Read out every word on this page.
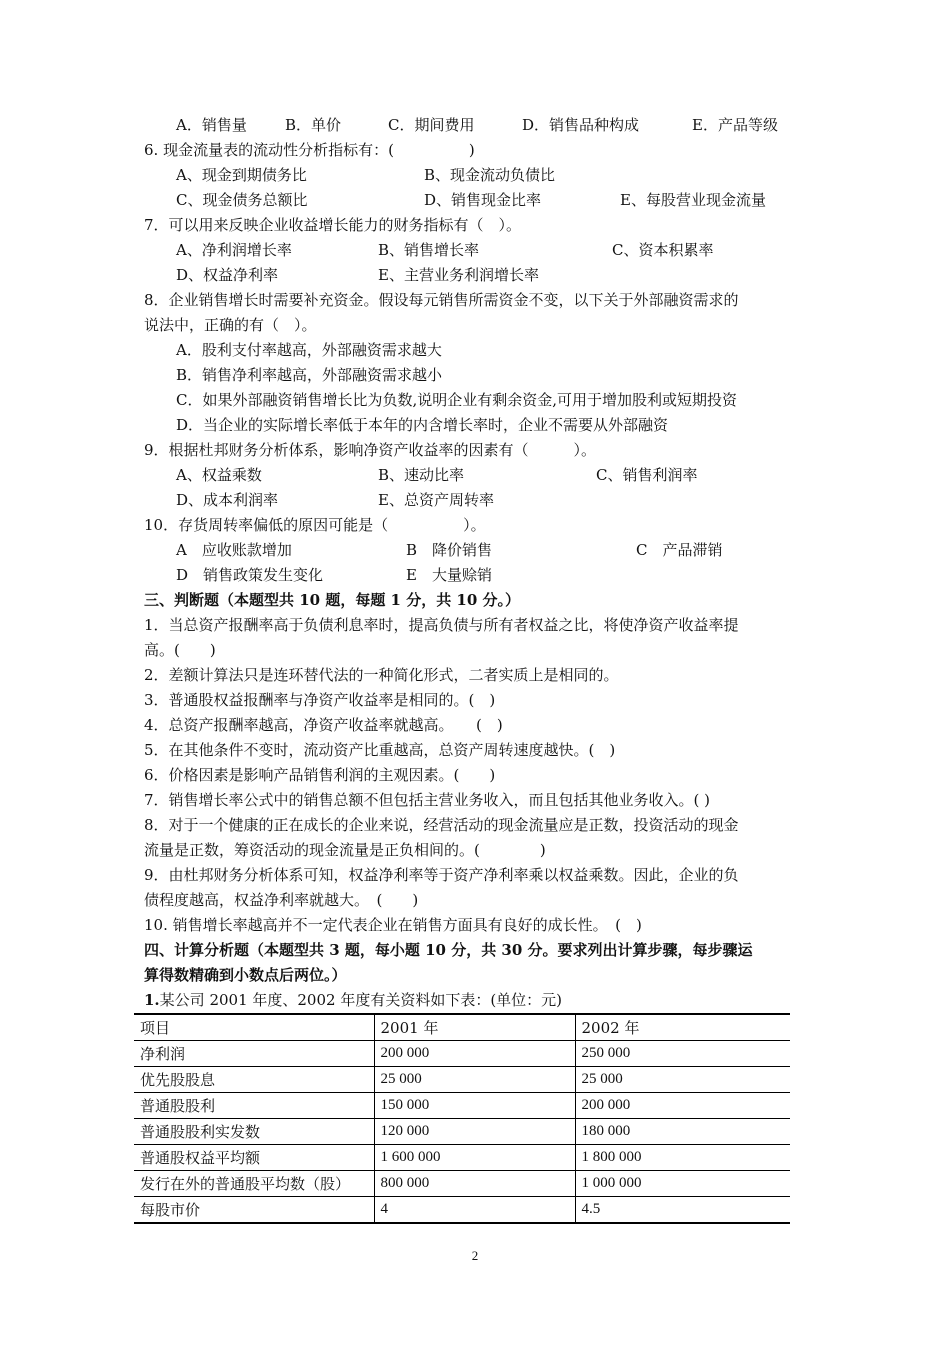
A．销售量	B．单价	C．期间费用	D．销售品种构成	E．产品等级
6. 现金流量表的流动性分析指标有：(　　　　　)
A、现金到期债务比	B、现金流动负债比
C、现金债务总额比	D、销售现金比率	E、每股营业现金流量
7．可以用来反映企业收益增长能力的财务指标有（　）。
A、净利润增长率	B、销售增长率	C、资本积累率
D、权益净利率	E、主营业务利润增长率
8．企业销售增长时需要补充资金。假设每元销售所需资金不变，以下关于外部融资需求的
说法中，正确的有（　）。
A．股利支付率越高，外部融资需求越大
B．销售净利率越高，外部融资需求越小
C．如果外部融资销售增长比为负数,说明企业有剩余资金,可用于增加股利或短期投资
D．当企业的实际增长率低于本年的内含增长率时，企业不需要从外部融资
9．根据杜邦财务分析体系，影响净资产收益率的因素有（　　　）。
A、权益乘数	B、速动比率	C、销售利润率
D、成本利润率	E、总资产周转率
10．存货周转率偏低的原因可能是（　　　　　）。
A　应收账款增加	B　降价销售	C　产品滞销
D　销售政策发生变化	E　大量赊销
三、判断题（本题型共 10 题，每题 1 分，共 10 分。）
1．当总资产报酬率高于负债利息率时，提高负债与所有者权益之比，将使净资产收益率提
高。(　　)
2．差额计算法只是连环替代法的一种简化形式，二者实质上是相同的。
3．普通股权益报酬率与净资产收益率是相同的。(　)
4．总资产报酬率越高，净资产收益率就越高。　　(　)
5．在其他条件不变时，流动资产比重越高，总资产周转速度越快。(　)
6．价格因素是影响产品销售利润的主观因素。(　　)
7．销售增长率公式中的销售总额不但包括主营业务收入，而且包括其他业务收入。( )
8．对于一个健康的正在成长的企业来说，经营活动的现金流量应是正数，投资活动的现金
流量是正数，筹资活动的现金流量是正负相间的。(　　　　)
9．由杜邦财务分析体系可知，权益净利率等于资产净利率乘以权益乘数。因此，企业的负
债程度越高，权益净利率就越大。　(　　)
10. 销售增长率越高并不一定代表企业在销售方面具有良好的成长性。　(　)
四、计算分析题（本题型共 3 题，每小题 10 分，共 30 分。要求列出计算步骤，每步骤运
算得数精确到小数点后两位。）
1.某公司 2001 年度、2002 年度有关资料如下表：(单位：元)
项目	2001 年	2002 年
净利润	200 000	250 000
优先股股息	25 000	25 000
普通股股利	150 000	200 000
普通股股利实发数	120 000	180 000
普通股权益平均额	1 600 000	1 800 000
发行在外的普通股平均数（股）	800 000	1 000 000
每股市价	4	4.5
2
